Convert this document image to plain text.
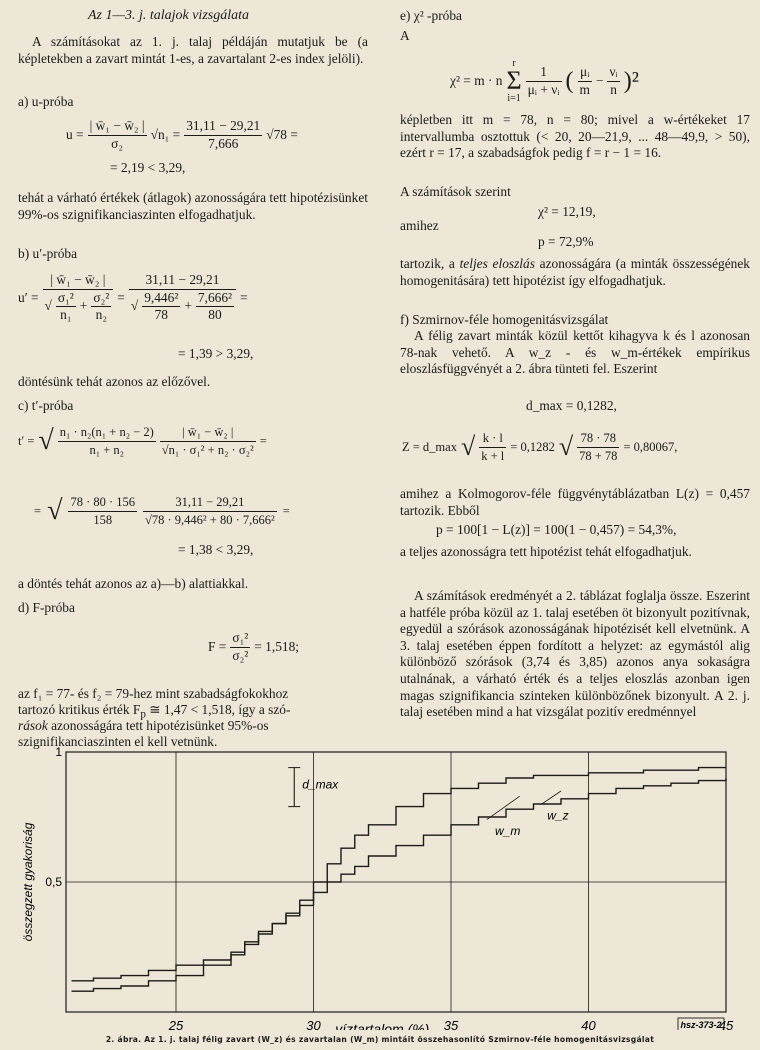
Az 1—3. j. talajok vizsgálata
A számításokat az 1. j. talaj példáján mutatjuk be (a képletekben a zavart mintát 1-es, a zavartalant 2-es index jelöli).
a) u-próba
$u = \frac{\text{| w̄₁ − w̄₂ |}}{\text{σ₂}} √n_1 = \frac{31,11 - 29,21}{7,666} √78$ =
= 2,19 < 3,29,
tehát a várható értékek (átlagok) azonosságára tett hipotézisünket 99%-os szignifikanciaszinten elfogadhatjuk.
b) u′-próba
$u' = \frac{\text{| w̄₁ − w̄₂ |}}{√ \frac{\text{σ₁²}}{\text{n₁}} + \frac{\text{σ₂²}}{\text{n₂}}} = \frac{31,11 - 29,21}{√ \frac{\text{9,446²}}{78} + \frac{\text{7,666²}}{80}}$ =
= 1,39 > 3,29,
döntésünk tehát azonos az előzővel.
c) t′-próba
t′ = √ $\frac{\text{n₁ · n₂(n₁ + n₂ − 2)}}{\text{n₁ + n₂}} \frac{\text{| w̄₁ − w̄₂ |}}{\text{√n₁ · σ₁² + n₂ · σ₂²}}$ =
= √ $\frac{78 \cdot 80 \cdot 156}{158} \frac{31,11 - 29,21}{\text{√78 · 9,446² + 80 · 7,666²}}$ =
= 1,38 < 3,29,
a döntés tehát azonos az a)—b) alattiakkal.
d) F-próba
$F = \frac{\text{σ₁²}}{\text{σ₂²}} = 1,518$;
az f₁ = 77- és f₂ = 79-hez mint szabadságfokokhoz
tartozó kritikus érték $F_p$ ≅ 1,47 < 1,518, így a szó-
rások azonosságára tett hipotézisünket 95%-os
szignifikanciaszinten el kell vetnünk.
e) χ² -próba
A
χ² = m · n
r
Σ
i=1
$\frac{1}{\text{μᵢ + νᵢ}}$ ( $\frac{\text{μᵢ}}{m} - \frac{\text{νᵢ}}{n} )^2$
képletben itt m = 78, n = 80; mivel a w-értékeket 17 intervallumba osztottuk (< 20, 20—21,9, ... 48—49,9, > 50), ezért r = 17, a szabadságfok pedig f = r − 1 = 16.
A számítások szerint
χ² = 12,19,
amihez
p = 72,9%
tartozik, a teljes eloszlás azonosságára (a minták összességének homogenitására) tett hipotézist így elfogadhatjuk.
f) Szmirnov-féle homogenitásvizsgálat
A félig zavart minták közül kettőt kihagyva k és l azonosan 78-nak vehető. A w_z - és w_m-értékek empírikus eloszlásfüggvényét a 2. ábra tünteti fel. Eszerint
d_max = 0,1282,
Z = d_max √ $\frac{k \cdot l}{k + l} = 0,1282$ √ $\frac{78 \cdot 78}{78 + 78} = 0,80067$,
amihez a Kolmogorov-féle függvénytáblázatban L(z) = 0,457 tartozik. Ebből
p = 100[1 − L(z)] = 100(1 − 0,457) = 54,3%,
a teljes azonosságra tett hipotézist tehát elfogadhatjuk.
A számítások eredményét a 2. táblázat foglalja össze. Eszerint a hatféle próba közül az 1. talaj esetében öt bizonyult pozitívnak, egyedül a szórások azonosságának hipotézisét kell elvetnünk. A 3. talaj esetében éppen fordított a helyzet: az egymástól alig különböző szórások (3,74 és 3,85) azonos anya sokaságra utalnának, a várható érték és a teljes eloszlás azonban igen magas szignifikancia szinteken különbözőnek bizonyult. A 2. j. talaj esetében mind a hat vizsgálat pozitív eredménnyel
25	30	35	40	45
1
0,5
víztartalom (%)
összegzett gyakoriság
d_max
w_m
w_z
hsz-373-2
2. ábra. Az 1. j. talaj félig zavart (W_z) és zavartalan (W_m) mintáit összehasonlító Szmirnov-féle homogenitásvizsgálat
